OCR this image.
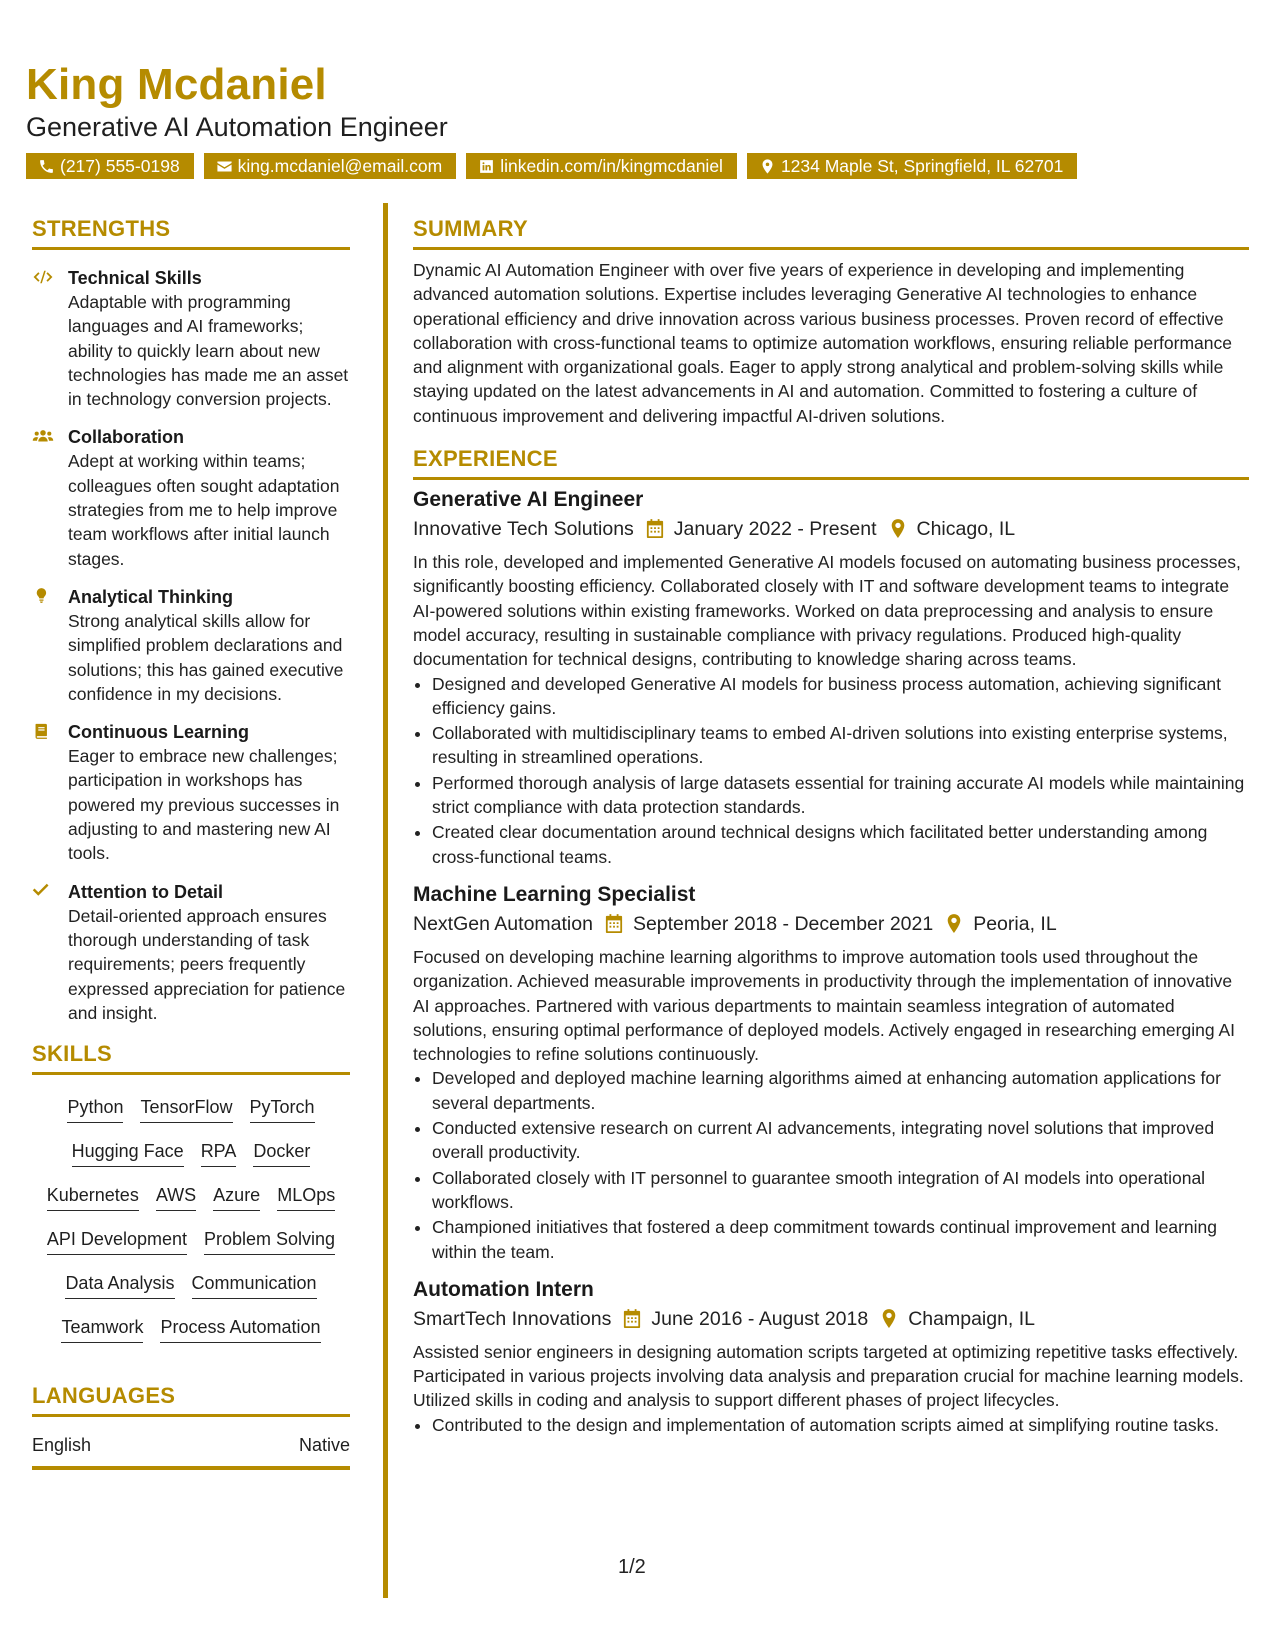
King Mcdaniel
Generative AI Automation Engineer
(217) 555-0198	king.mcdaniel@email.com	linkedin.com/in/kingmcdaniel	1234 Maple St, Springfield, IL 62701
STRENGTHS
Technical Skills
Adaptable with programming languages and AI frameworks; ability to quickly learn about new technologies has made me an asset in technology conversion projects.
Collaboration
Adept at working within teams; colleagues often sought adaptation strategies from me to help improve team workflows after initial launch stages.
Analytical Thinking
Strong analytical skills allow for simplified problem declarations and solutions; this has gained executive confidence in my decisions.
Continuous Learning
Eager to embrace new challenges; participation in workshops has powered my previous successes in adjusting to and mastering new AI tools.
Attention to Detail
Detail-oriented approach ensures thorough understanding of task requirements; peers frequently expressed appreciation for patience and insight.
SKILLS
Python TensorFlow PyTorch
Hugging Face RPA Docker
Kubernetes AWS Azure MLOps
API Development Problem Solving
Data Analysis Communication
Teamwork Process Automation
LANGUAGES
English	Native
SUMMARY
Dynamic AI Automation Engineer with over five years of experience in developing and implementing advanced automation solutions. Expertise includes leveraging Generative AI technologies to enhance operational efficiency and drive innovation across various business processes. Proven record of effective collaboration with cross-functional teams to optimize automation workflows, ensuring reliable performance and alignment with organizational goals. Eager to apply strong analytical and problem-solving skills while staying updated on the latest advancements in AI and automation. Committed to fostering a culture of continuous improvement and delivering impactful AI-driven solutions.
EXPERIENCE
Generative AI Engineer
Innovative Tech Solutions January 2022 - Present Chicago, IL
In this role, developed and implemented Generative AI models focused on automating business processes, significantly boosting efficiency. Collaborated closely with IT and software development teams to integrate AI-powered solutions within existing frameworks. Worked on data preprocessing and analysis to ensure model accuracy, resulting in sustainable compliance with privacy regulations. Produced high-quality documentation for technical designs, contributing to knowledge sharing across teams.
• Designed and developed Generative AI models for business process automation, achieving significant efficiency gains.
• Collaborated with multidisciplinary teams to embed AI-driven solutions into existing enterprise systems, resulting in streamlined operations.
• Performed thorough analysis of large datasets essential for training accurate AI models while maintaining strict compliance with data protection standards.
• Created clear documentation around technical designs which facilitated better understanding among cross-functional teams.
Machine Learning Specialist
NextGen Automation September 2018 - December 2021 Peoria, IL
Focused on developing machine learning algorithms to improve automation tools used throughout the organization. Achieved measurable improvements in productivity through the implementation of innovative AI approaches. Partnered with various departments to maintain seamless integration of automated solutions, ensuring optimal performance of deployed models. Actively engaged in researching emerging AI technologies to refine solutions continuously.
• Developed and deployed machine learning algorithms aimed at enhancing automation applications for several departments.
• Conducted extensive research on current AI advancements, integrating novel solutions that improved overall productivity.
• Collaborated closely with IT personnel to guarantee smooth integration of AI models into operational workflows.
• Championed initiatives that fostered a deep commitment towards continual improvement and learning within the team.
Automation Intern
SmartTech Innovations June 2016 - August 2018 Champaign, IL
Assisted senior engineers in designing automation scripts targeted at optimizing repetitive tasks effectively. Participated in various projects involving data analysis and preparation crucial for machine learning models. Utilized skills in coding and analysis to support different phases of project lifecycles.
• Contributed to the design and implementation of automation scripts aimed at simplifying routine tasks.
1/2
